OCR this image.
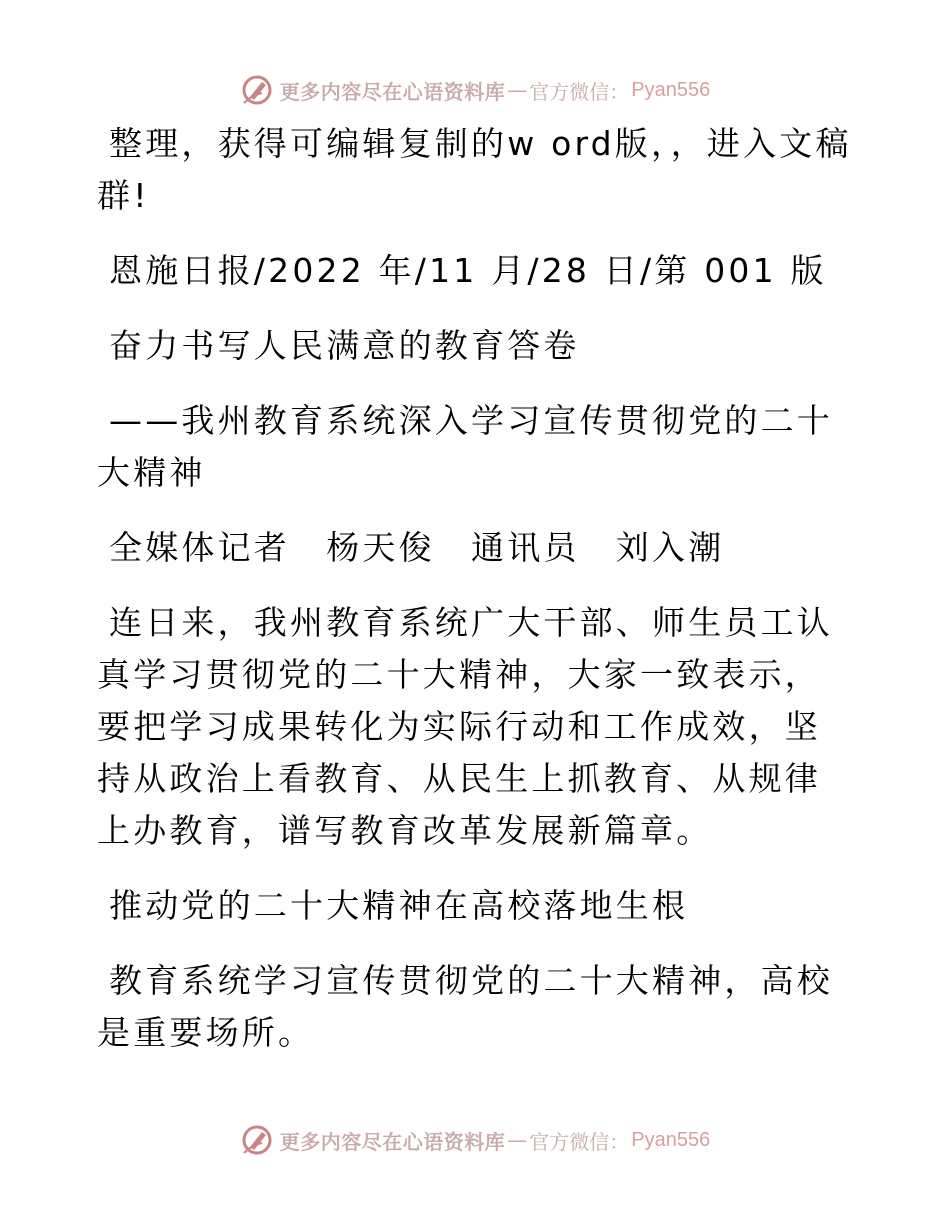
更多内容尽在心语资料库 — 官方微信： Pyan556

整理，获得可编辑复制的w ord版，，进入文稿群!

恩施日报/2022 年/11 月/28 日/第 001 版

奋力书写人民满意的教育答卷

——我州教育系统深入学习宣传贯彻党的二十大精神

全媒体记者　杨天俊　通讯员　刘入潮

连日来，我州教育系统广大干部、师生员工认真学习贯彻党的二十大精神，大家一致表示，要把学习成果转化为实际行动和工作成效，坚持从政治上看教育、从民生上抓教育、从规律上办教育，谱写教育改革发展新篇章。

推动党的二十大精神在高校落地生根

教育系统学习宣传贯彻党的二十大精神，高校是重要场所。

更多内容尽在心语资料库 — 官方微信： Pyan556
